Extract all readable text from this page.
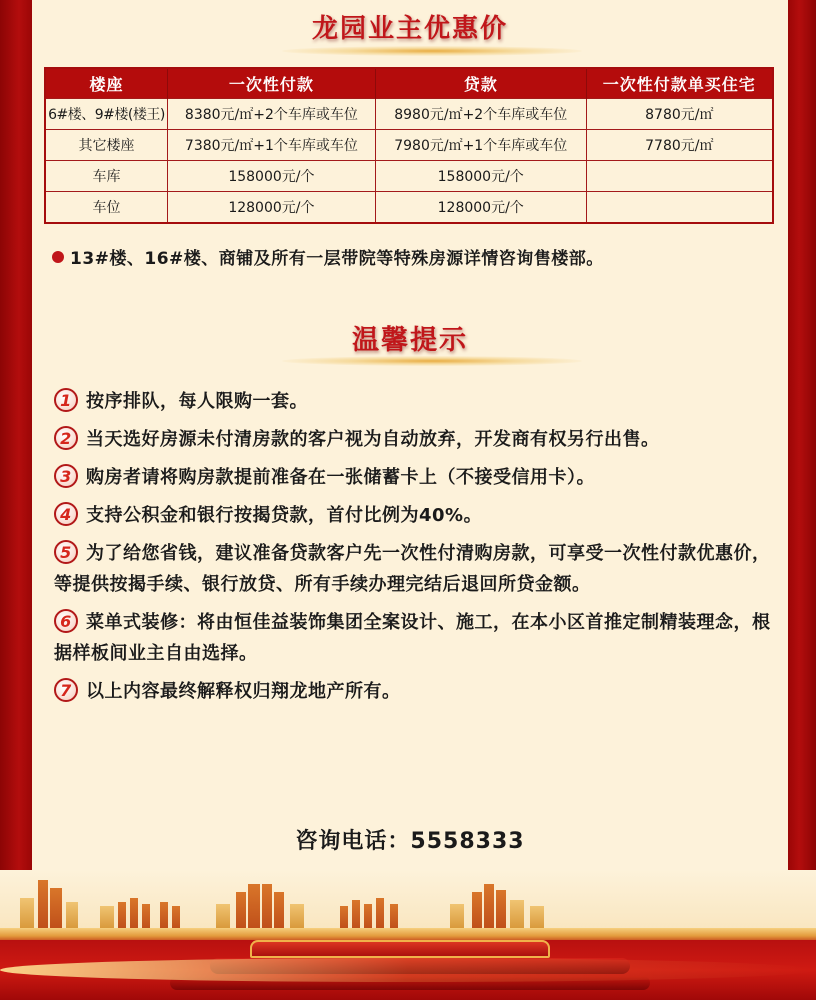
龙园业主优惠价
楼座	一次性付款	贷款	一次性付款单买住宅
6#楼、9#楼(楼王)	8380元/㎡+2个车库或车位	8980元/㎡+2个车库或车位	8780元/㎡
其它楼座	7380元/㎡+1个车库或车位	7980元/㎡+1个车库或车位	7780元/㎡
车库	158000元/个	158000元/个	
车位	128000元/个	128000元/个	
13#楼、16#楼、商铺及所有一层带院等特殊房源详情咨询售楼部。
温馨提示
1 按序排队，每人限购一套。
2 当天选好房源未付清房款的客户视为自动放弃，开发商有权另行出售。
3 购房者请将购房款提前准备在一张储蓄卡上（不接受信用卡）。
4 支持公积金和银行按揭贷款，首付比例为40%。
5 为了给您省钱，建议准备贷款客户先一次性付清购房款，可享受一次性付款优惠价，等提供按揭手续、银行放贷、所有手续办理完结后退回所贷金额。
6 菜单式装修：将由恒佳益装饰集团全案设计、施工，在本小区首推定制精装理念，根据样板间业主自由选择。
7 以上内容最终解释权归翔龙地产所有。
咨询电话：5558333
